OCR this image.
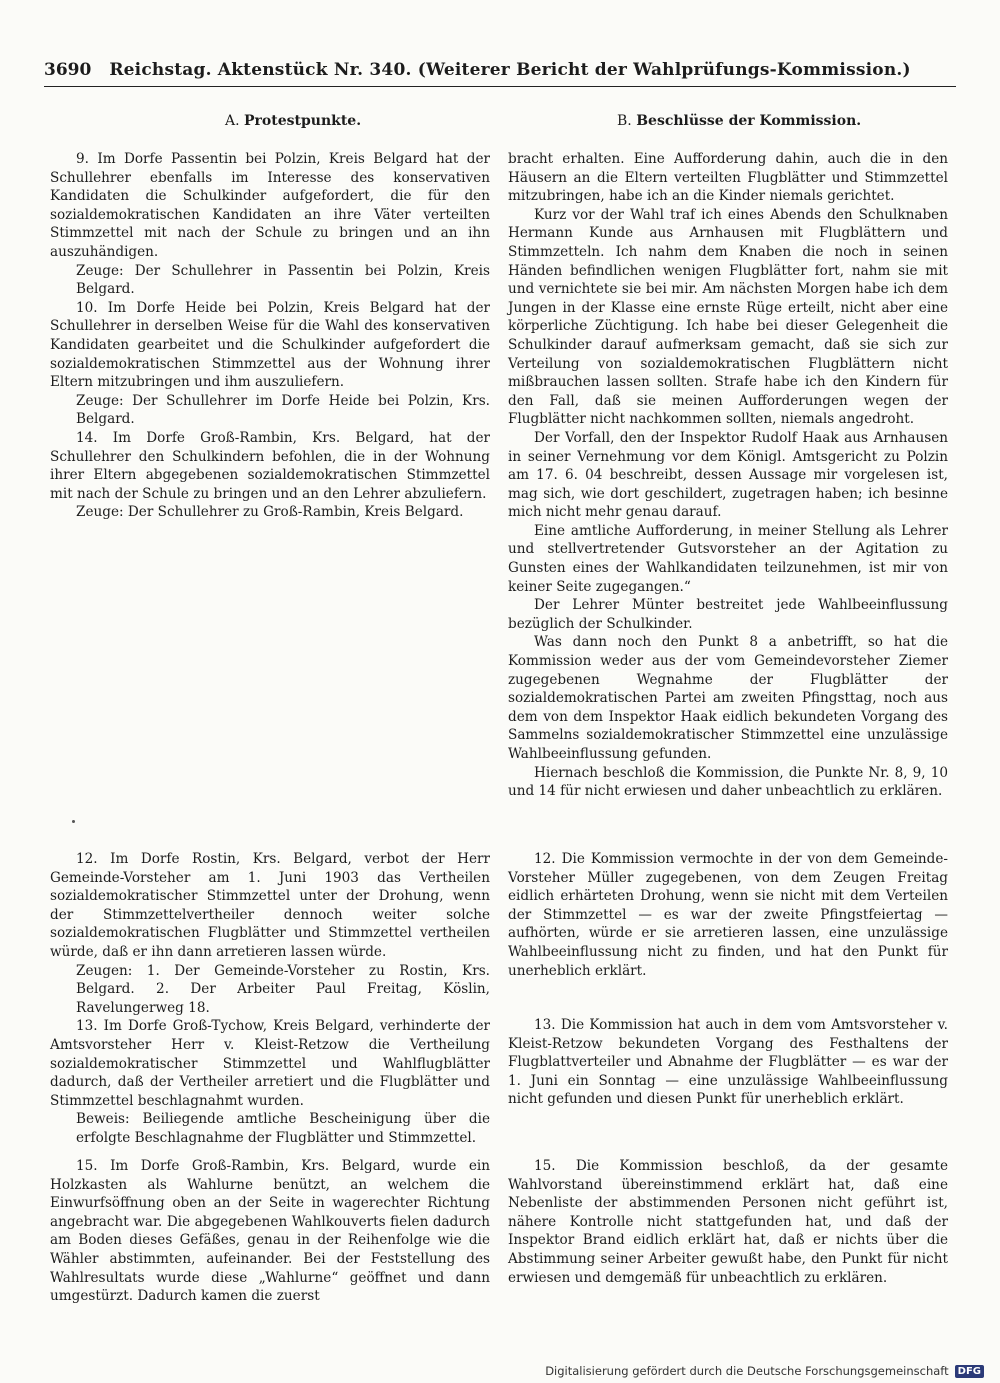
3690 Reichstag. Aktenstück Nr. 340. (Weiterer Bericht der Wahlprüfungs-Kommission.)
A. Protestpunkte.	B. Beschlüsse der Kommission.

9. Im Dorfe Passentin bei Polzin, Kreis Belgard hat der Schullehrer ebenfalls im Interesse des konservativen Kandidaten die Schulkinder aufgefordert, die für den sozialdemokratischen Kandidaten an ihre Väter verteilten Stimmzettel mit nach der Schule zu bringen und an ihn auszuhändigen.

Zeuge: Der Schullehrer in Passentin bei Polzin, Kreis Belgard.

10. Im Dorfe Heide bei Polzin, Kreis Belgard hat der Schullehrer in derselben Weise für die Wahl des konservativen Kandidaten gearbeitet und die Schulkinder aufgefordert die sozialdemokratischen Stimmzettel aus der Wohnung ihrer Eltern mitzubringen und ihm auszuliefern.

Zeuge: Der Schullehrer im Dorfe Heide bei Polzin, Krs. Belgard.

14. Im Dorfe Groß-Rambin, Krs. Belgard, hat der Schullehrer den Schulkindern befohlen, die in der Wohnung ihrer Eltern abgegebenen sozialdemokratischen Stimmzettel mit nach der Schule zu bringen und an den Lehrer abzuliefern.

Zeuge: Der Schullehrer zu Groß-Rambin, Kreis Belgard.

12. Im Dorfe Rostin, Krs. Belgard, verbot der Herr Gemeinde-Vorsteher am 1. Juni 1903 das Vertheilen sozialdemokratischer Stimmzettel unter der Drohung, wenn der Stimmzettelvertheiler dennoch weiter solche sozialdemokratischen Flugblätter und Stimmzettel vertheilen würde, daß er ihn dann arretieren lassen würde.

Zeugen: 1. Der Gemeinde-Vorsteher zu Rostin, Krs. Belgard. 2. Der Arbeiter Paul Freitag, Köslin, Ravelungerweg 18.

13. Im Dorfe Groß-Tychow, Kreis Belgard, verhinderte der Amtsvorsteher Herr v. Kleist-Retzow die Vertheilung sozialdemokratischer Stimmzettel und Wahlflugblätter dadurch, daß der Vertheiler arretiert und die Flugblätter und Stimmzettel beschlagnahmt wurden.

Beweis: Beiliegende amtliche Bescheinigung über die erfolgte Beschlagnahme der Flugblätter und Stimmzettel.

15. Im Dorfe Groß-Rambin, Krs. Belgard, wurde ein Holzkasten als Wahlurne benützt, an welchem die Einwurfsöffnung oben an der Seite in wagerechter Richtung angebracht war. Die abgegebenen Wahlkouverts fielen dadurch am Boden dieses Gefäßes, genau in der Reihenfolge wie die Wähler abstimmten, aufeinander. Bei der Feststellung des Wahlresultats wurde diese „Wahlurne“ geöffnet und dann umgestürzt. Dadurch kamen die zuerst

bracht erhalten. Eine Aufforderung dahin, auch die in den Häusern an die Eltern verteilten Flugblätter und Stimmzettel mitzubringen, habe ich an die Kinder niemals gerichtet.

Kurz vor der Wahl traf ich eines Abends den Schulknaben Hermann Kunde aus Arnhausen mit Flugblättern und Stimmzetteln. Ich nahm dem Knaben die noch in seinen Händen befindlichen wenigen Flugblätter fort, nahm sie mit und vernichtete sie bei mir. Am nächsten Morgen habe ich dem Jungen in der Klasse eine ernste Rüge erteilt, nicht aber eine körperliche Züchtigung. Ich habe bei dieser Gelegenheit die Schulkinder darauf aufmerksam gemacht, daß sie sich zur Verteilung von sozialdemokratischen Flugblättern nicht mißbrauchen lassen sollten. Strafe habe ich den Kindern für den Fall, daß sie meinen Aufforderungen wegen der Flugblätter nicht nachkommen sollten, niemals angedroht.

Der Vorfall, den der Inspektor Rudolf Haak aus Arnhausen in seiner Vernehmung vor dem Königl. Amtsgericht zu Polzin am 17. 6. 04 beschreibt, dessen Aussage mir vorgelesen ist, mag sich, wie dort geschildert, zugetragen haben; ich besinne mich nicht mehr genau darauf.

Eine amtliche Aufforderung, in meiner Stellung als Lehrer und stellvertretender Gutsvorsteher an der Agitation zu Gunsten eines der Wahlkandidaten teilzunehmen, ist mir von keiner Seite zugegangen.“

Der Lehrer Münter bestreitet jede Wahlbeeinflussung bezüglich der Schulkinder.

Was dann noch den Punkt 8 a anbetrifft, so hat die Kommission weder aus der vom Gemeindevorsteher Ziemer zugegebenen Wegnahme der Flugblätter der sozialdemokratischen Partei am zweiten Pfingsttag, noch aus dem von dem Inspektor Haak eidlich bekundeten Vorgang des Sammelns sozialdemokratischer Stimmzettel eine unzulässige Wahlbeeinflussung gefunden.

Hiernach beschloß die Kommission, die Punkte Nr. 8, 9, 10 und 14 für nicht erwiesen und daher unbeachtlich zu erklären.

12. Die Kommission vermochte in der von dem Gemeinde-Vorsteher Müller zugegebenen, von dem Zeugen Freitag eidlich erhärteten Drohung, wenn sie nicht mit dem Verteilen der Stimmzettel — es war der zweite Pfingstfeiertag — aufhörten, würde er sie arretieren lassen, eine unzulässige Wahlbeeinflussung nicht zu finden, und hat den Punkt für unerheblich erklärt.

13. Die Kommission hat auch in dem vom Amtsvorsteher v. Kleist-Retzow bekundeten Vorgang des Festhaltens der Flugblattverteiler und Abnahme der Flugblätter — es war der 1. Juni ein Sonntag — eine unzulässige Wahlbeeinflussung nicht gefunden und diesen Punkt für unerheblich erklärt.

15. Die Kommission beschloß, da der gesamte Wahlvorstand übereinstimmend erklärt hat, daß eine Nebenliste der abstimmenden Personen nicht geführt ist, nähere Kontrolle nicht stattgefunden hat, und daß der Inspektor Brand eidlich erklärt hat, daß er nichts über die Abstimmung seiner Arbeiter gewußt habe, den Punkt für nicht erwiesen und demgemäß für unbeachtlich zu erklären.

Digitalisierung gefördert durch die Deutsche Forschungsgemeinschaft DFG
